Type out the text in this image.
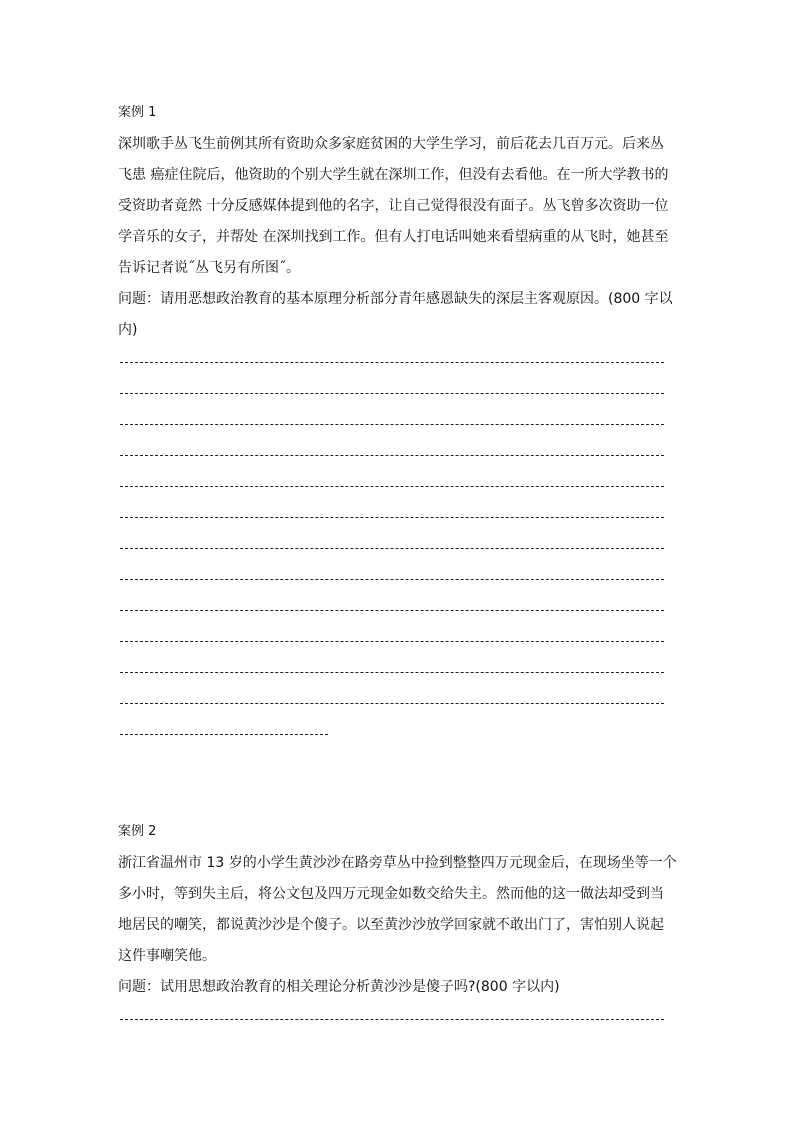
案例 1
深圳歌手丛飞生前例其所有资助众多家庭贫困的大学生学习，前后花去几百万元。后来丛
飞患 癌症住院后，他资助的个别大学生就在深圳工作，但没有去看他。在一所大学教书的
受资助者竟然 十分反感媒体提到他的名字，让自己觉得很没有面子。丛飞曾多次资助一位
学音乐的女子，并帮处 在深圳找到工作。但有人打电话叫她来看望病重的从飞时，她甚至
告诉记者说˝丛飞另有所图˝。
问题：请用恶想政治教育的基本原理分析部分青年感恩缺失的深层主客观原因。(800 字以
内)
案例 2
浙江省温州市 13 岁的小学生黄沙沙在路旁草丛中捡到整整四万元现金后，在现场坐等一个
多小时，等到失主后，将公文包及四万元现金如数交给失主。然而他的这一做法却受到当
地居民的嘲笑，都说黄沙沙是个傻子。以至黄沙沙放学回家就不敢出门了，害怕别人说起
这件事嘲笑他。
问题：试用思想政治教育的相关理论分析黄沙沙是傻子吗?(800 字以内)
